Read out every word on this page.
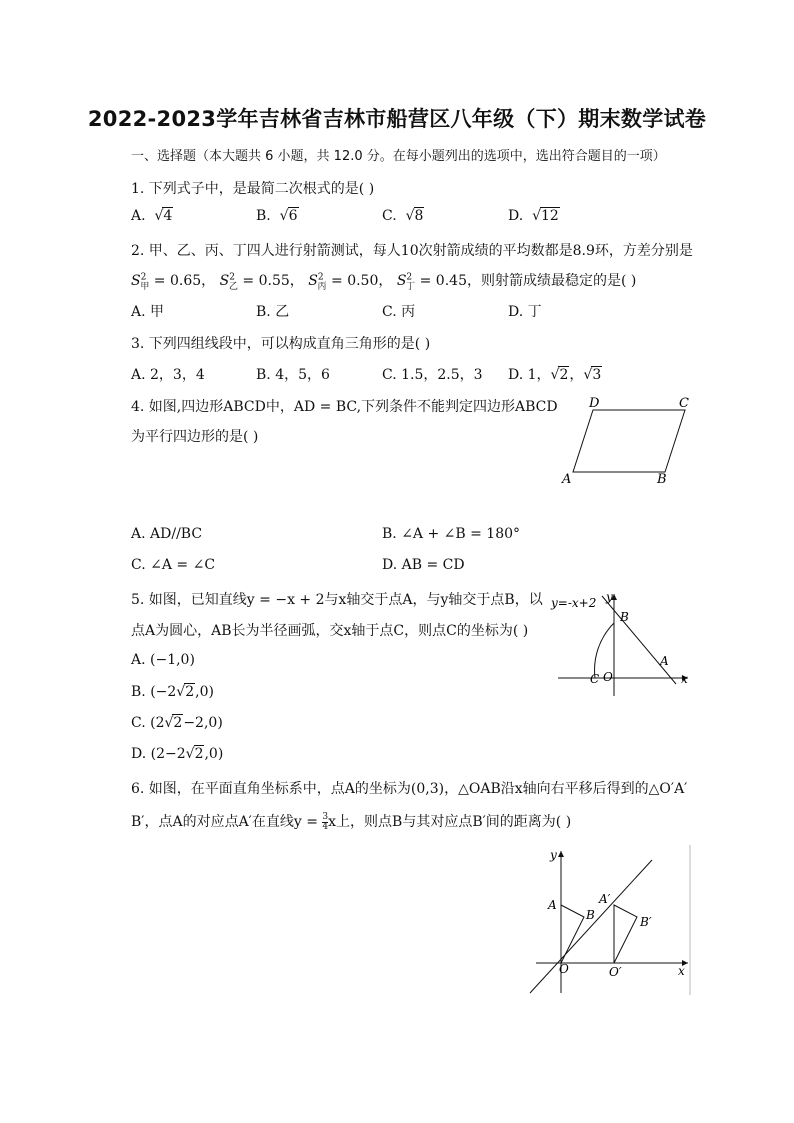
2022-2023学年吉林省吉林市船营区八年级（下）期末数学试卷
一、选择题（本大题共 6 小题，共 12.0 分。在每小题列出的选项中，选出符合题目的一项）
1. 下列式子中，是最简二次根式的是( )
A.  √4	B.  √6	C.  √8	D.  √12
2. 甲、乙、丙、丁四人进行射箭测试，每人10次射箭成绩的平均数都是8.9环，方差分别是
$S^2_甲 = 0.65$， $S^2_乙 = 0.55$， $S^2_丙 = 0.50$， $S^2_丁 = 0.45$，则射箭成绩最稳定的是( )
A. 甲	B. 乙	C. 丙	D. 丁
3. 下列四组线段中，可以构成直角三角形的是( )
A. 2，3，4	B. 4，5，6	C. 1.5，2.5，3 D. 1，√2，√3
4. 如图,四边形ABCD中，AD = BC,下列条件不能判定四边形ABCD
为平行四边形的是( )
A	B
C
D
A. AD//BC	B. ∠A + ∠B = 180°
C. ∠A = ∠C	D. AB = CD
5. 如图，已知直线y = −x + 2与x轴交于点A，与y轴交于点B，以
点A为圆心，AB长为半径画弧，交x轴于点C，则点C的坐标为( )
y=-x+2 y
x
B
A
C O
A. (−1,0)
B. (−2√2,0)
C. (2√2−2,0)
D. (2−2√2,0)
6. 如图，在平面直角坐标系中，点A的坐标为(0,3)，△OAB沿x轴向右平移后得到的△O′A′
B′，点A的对应点A′在直线$y = \frac{3}{4}$ x上，则点B与其对应点B′间的距离为( )
y
x
A
B
A′
B′
O	O′
